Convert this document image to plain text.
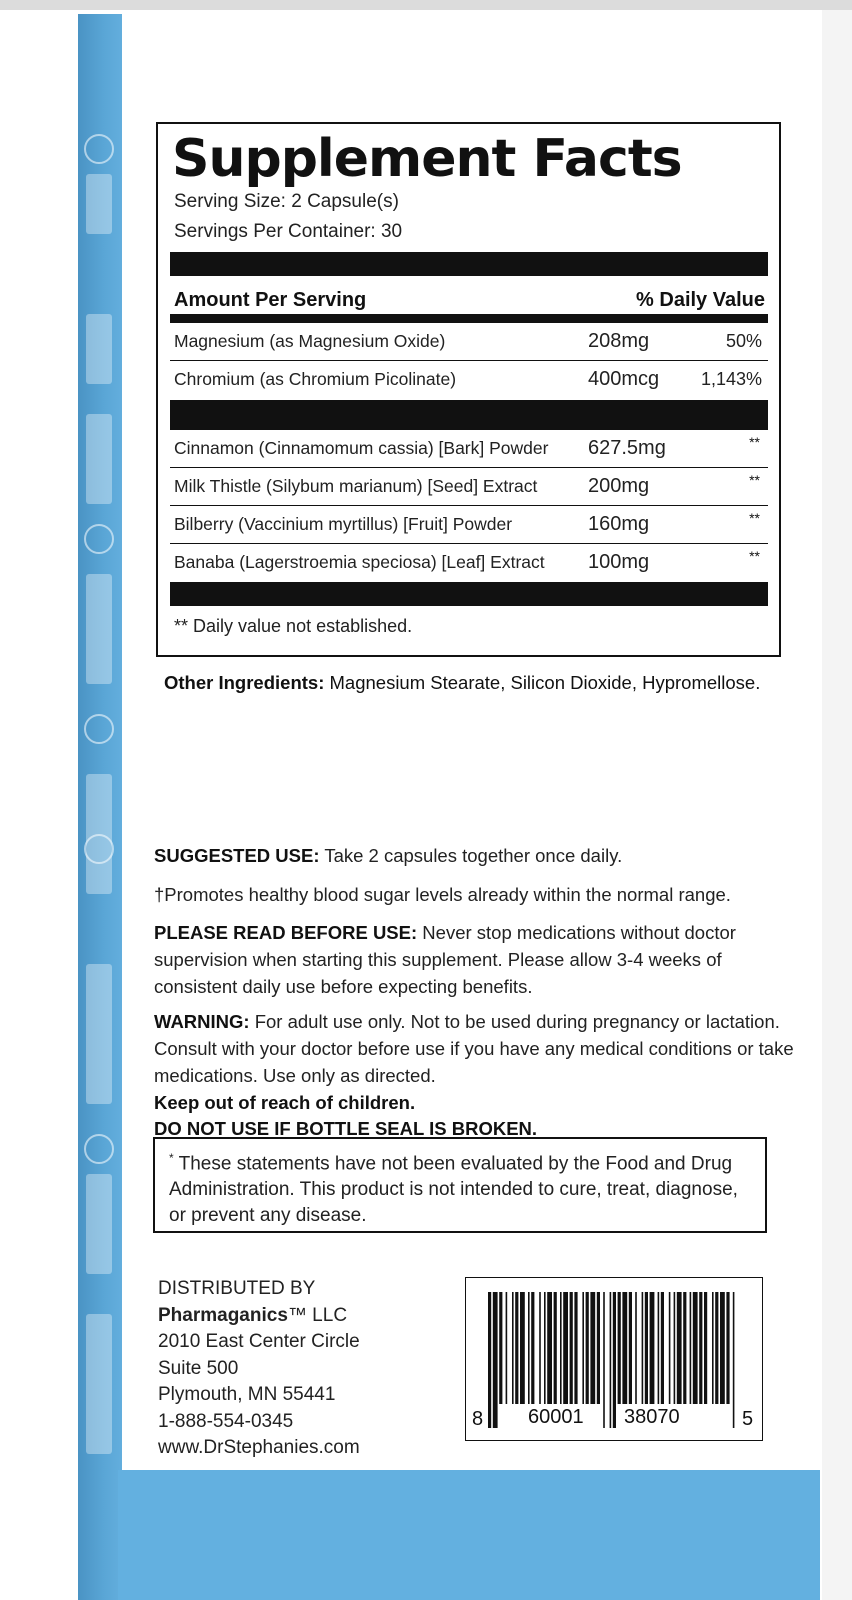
Supplement Facts
Serving Size: 2 Capsule(s)
Servings Per Container: 30
Amount Per Serving	% Daily Value
Magnesium (as Magnesium Oxide)	208mg	50%
Chromium (as Chromium Picolinate)	400mcg 1,143%
Cinnamon (Cinnamomum cassia) [Bark] Powder 627.5mg	**
Milk Thistle (Silybum marianum) [Seed] Extract	200mg	**
Bilberry (Vaccinium myrtillus) [Fruit] Powder	160mg	**
Banaba (Lagerstroemia speciosa) [Leaf] Extract 100mg	**
** Daily value not established.
Other Ingredients: Magnesium Stearate, Silicon Dioxide, Hypromellose.
SUGGESTED USE: Take 2 capsules together once daily.
†Promotes healthy blood sugar levels already within the normal range.
PLEASE READ BEFORE USE: Never stop medications without doctor supervision when starting this supplement. Please allow 3-4 weeks of consistent daily use before expecting benefits.
WARNING: For adult use only. Not to be used during pregnancy or lactation. Consult with your doctor before use if you have any medical conditions or take medications. Use only as directed.
Keep out of reach of children.
DO NOT USE IF BOTTLE SEAL IS BROKEN.
* These statements have not been evaluated by the Food and Drug Administration. This product is not intended to cure, treat, diagnose, or prevent any disease.
DISTRIBUTED BY
Pharmaganics™ LLC
2010 East Center Circle
Suite 500
Plymouth, MN 55441
1-888-554-0345
www.DrStephanies.com
8 60001 38070	5
